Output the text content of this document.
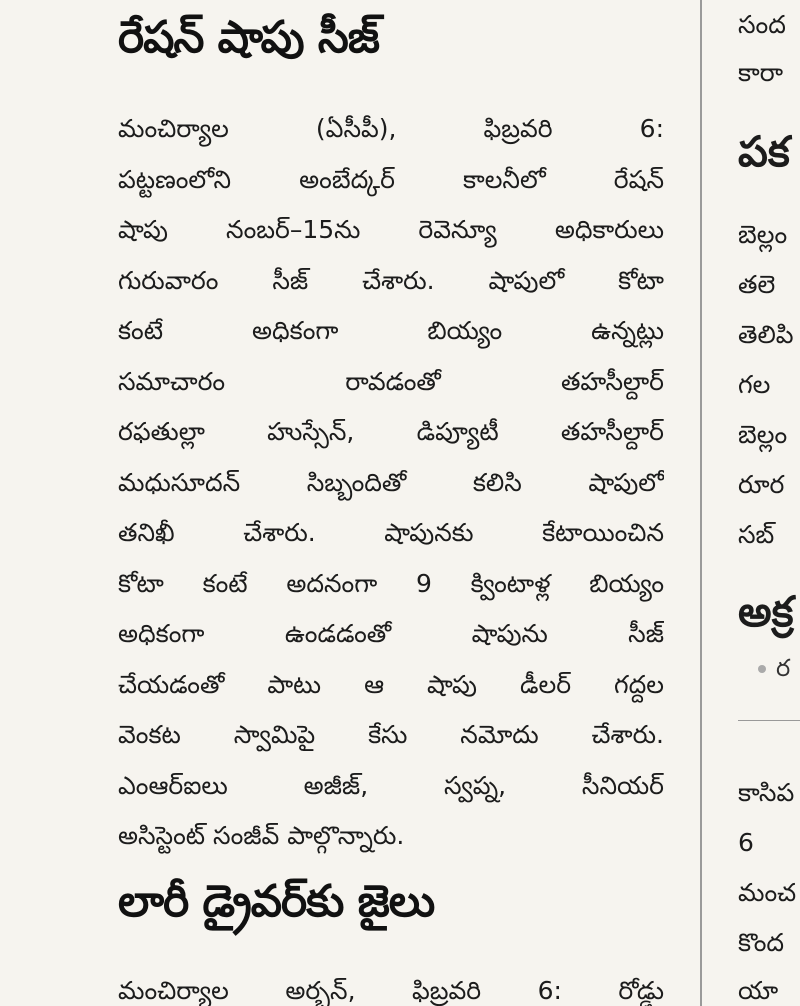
రేషన్ షాపు సీజ్
మంచిర్యాల (ఏసీపీ), ఫిబ్రవరి 6:
పట్టణంలోని అంబేద్కర్ కాలనీలో రేషన్
షాపు నంబర్–15ను రెవెన్యూ అధికారులు
గురువారం సీజ్ చేశారు. షాపులో కోటా
కంటే అధికంగా బియ్యం ఉన్నట్లు
సమాచారం రావడంతో తహసీల్దార్
రఫతుల్లా హుస్సేన్, డిప్యూటీ తహసీల్దార్
మధుసూదన్ సిబ్బందితో కలిసి షాపులో
తనిఖీ చేశారు. షాపునకు కేటాయించిన
కోటా కంటే అదనంగా 9 క్వింటాళ్ల బియ్యం
అధికంగా ఉండడంతో షాపును సీజ్
చేయడంతో పాటు ఆ షాపు డీలర్ గద్దల
వెంకట స్వామిపై కేసు నమోదు చేశారు.
ఎంఆర్ఐలు అజీజ్, స్వప్న, సీనియర్
అసిస్టెంట్ సంజీవ్ పాల్గొన్నారు.
లారీ డ్రైవర్‌కు జైలు
మంచిర్యాల అర్బన్, ఫిబ్రవరి 6: రోడ్డు
సంద
కారా
పక
బెల్లం
తలె
తెలిపి
గల
బెల్లం
రూర
సబ్
అక్ర
ర
కాసిప
6
మంచ
కొంద
యా
